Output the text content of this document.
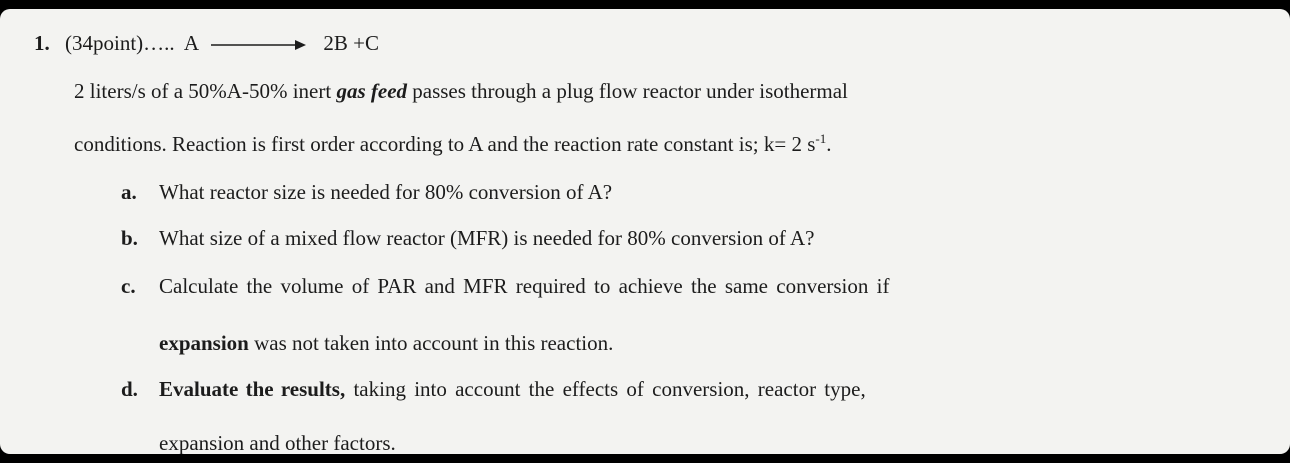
1. (34point)….. A	2B +C
2 liters/s of a 50%A-50% inert gas feed passes through a plug flow reactor under isothermal
conditions. Reaction is first order according to A and the reaction rate constant is; k= 2 $s^{-1}$.
a. What reactor size is needed for 80% conversion of A?
b. What size of a mixed flow reactor (MFR) is needed for 80% conversion of A?
c. Calculate the volume of PAR and MFR required to achieve the same conversion if
expansion was not taken into account in this reaction.
d. Evaluate the results, taking into account the effects of conversion, reactor type,
expansion and other factors.
